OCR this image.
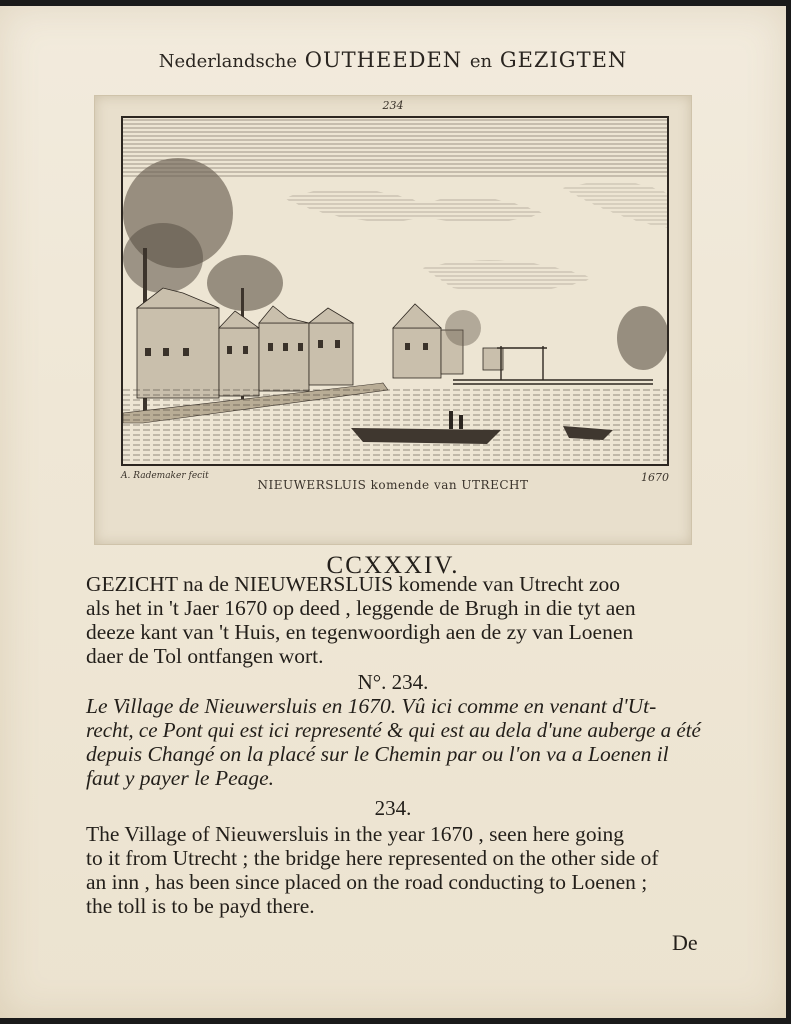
Nederlandsche OUTHEEDEN en GEZIGTEN
234
A. Rademaker fecit
NIEUWERSLUIS komende van UTRECHT
1670
CCXXXIV.
GEZICHT na de NIEUWERSLUIS komende van Utrecht zoo
als het in 't Jaer 1670 op deed , leggende de Brugh in die tyt aen
deeze kant van 't Huis, en tegenwoordigh aen de zy van Loenen
daer de Tol ontfangen wort.
N°. 234.
Le Village de Nieuwersluis en 1670. Vû ici comme en venant d'Ut-
recht, ce Pont qui est ici representé & qui est au dela d'une auberge a été
depuis Changé on la placé sur le Chemin par ou l'on va a Loenen il
faut y payer le Peage.
234.
The Village of Nieuwersluis in the year 1670 , seen here going
to it from Utrecht ; the bridge here represented on the other side of
an inn , has been since placed on the road conducting to Loenen ;
the toll is to be payd there.
De
